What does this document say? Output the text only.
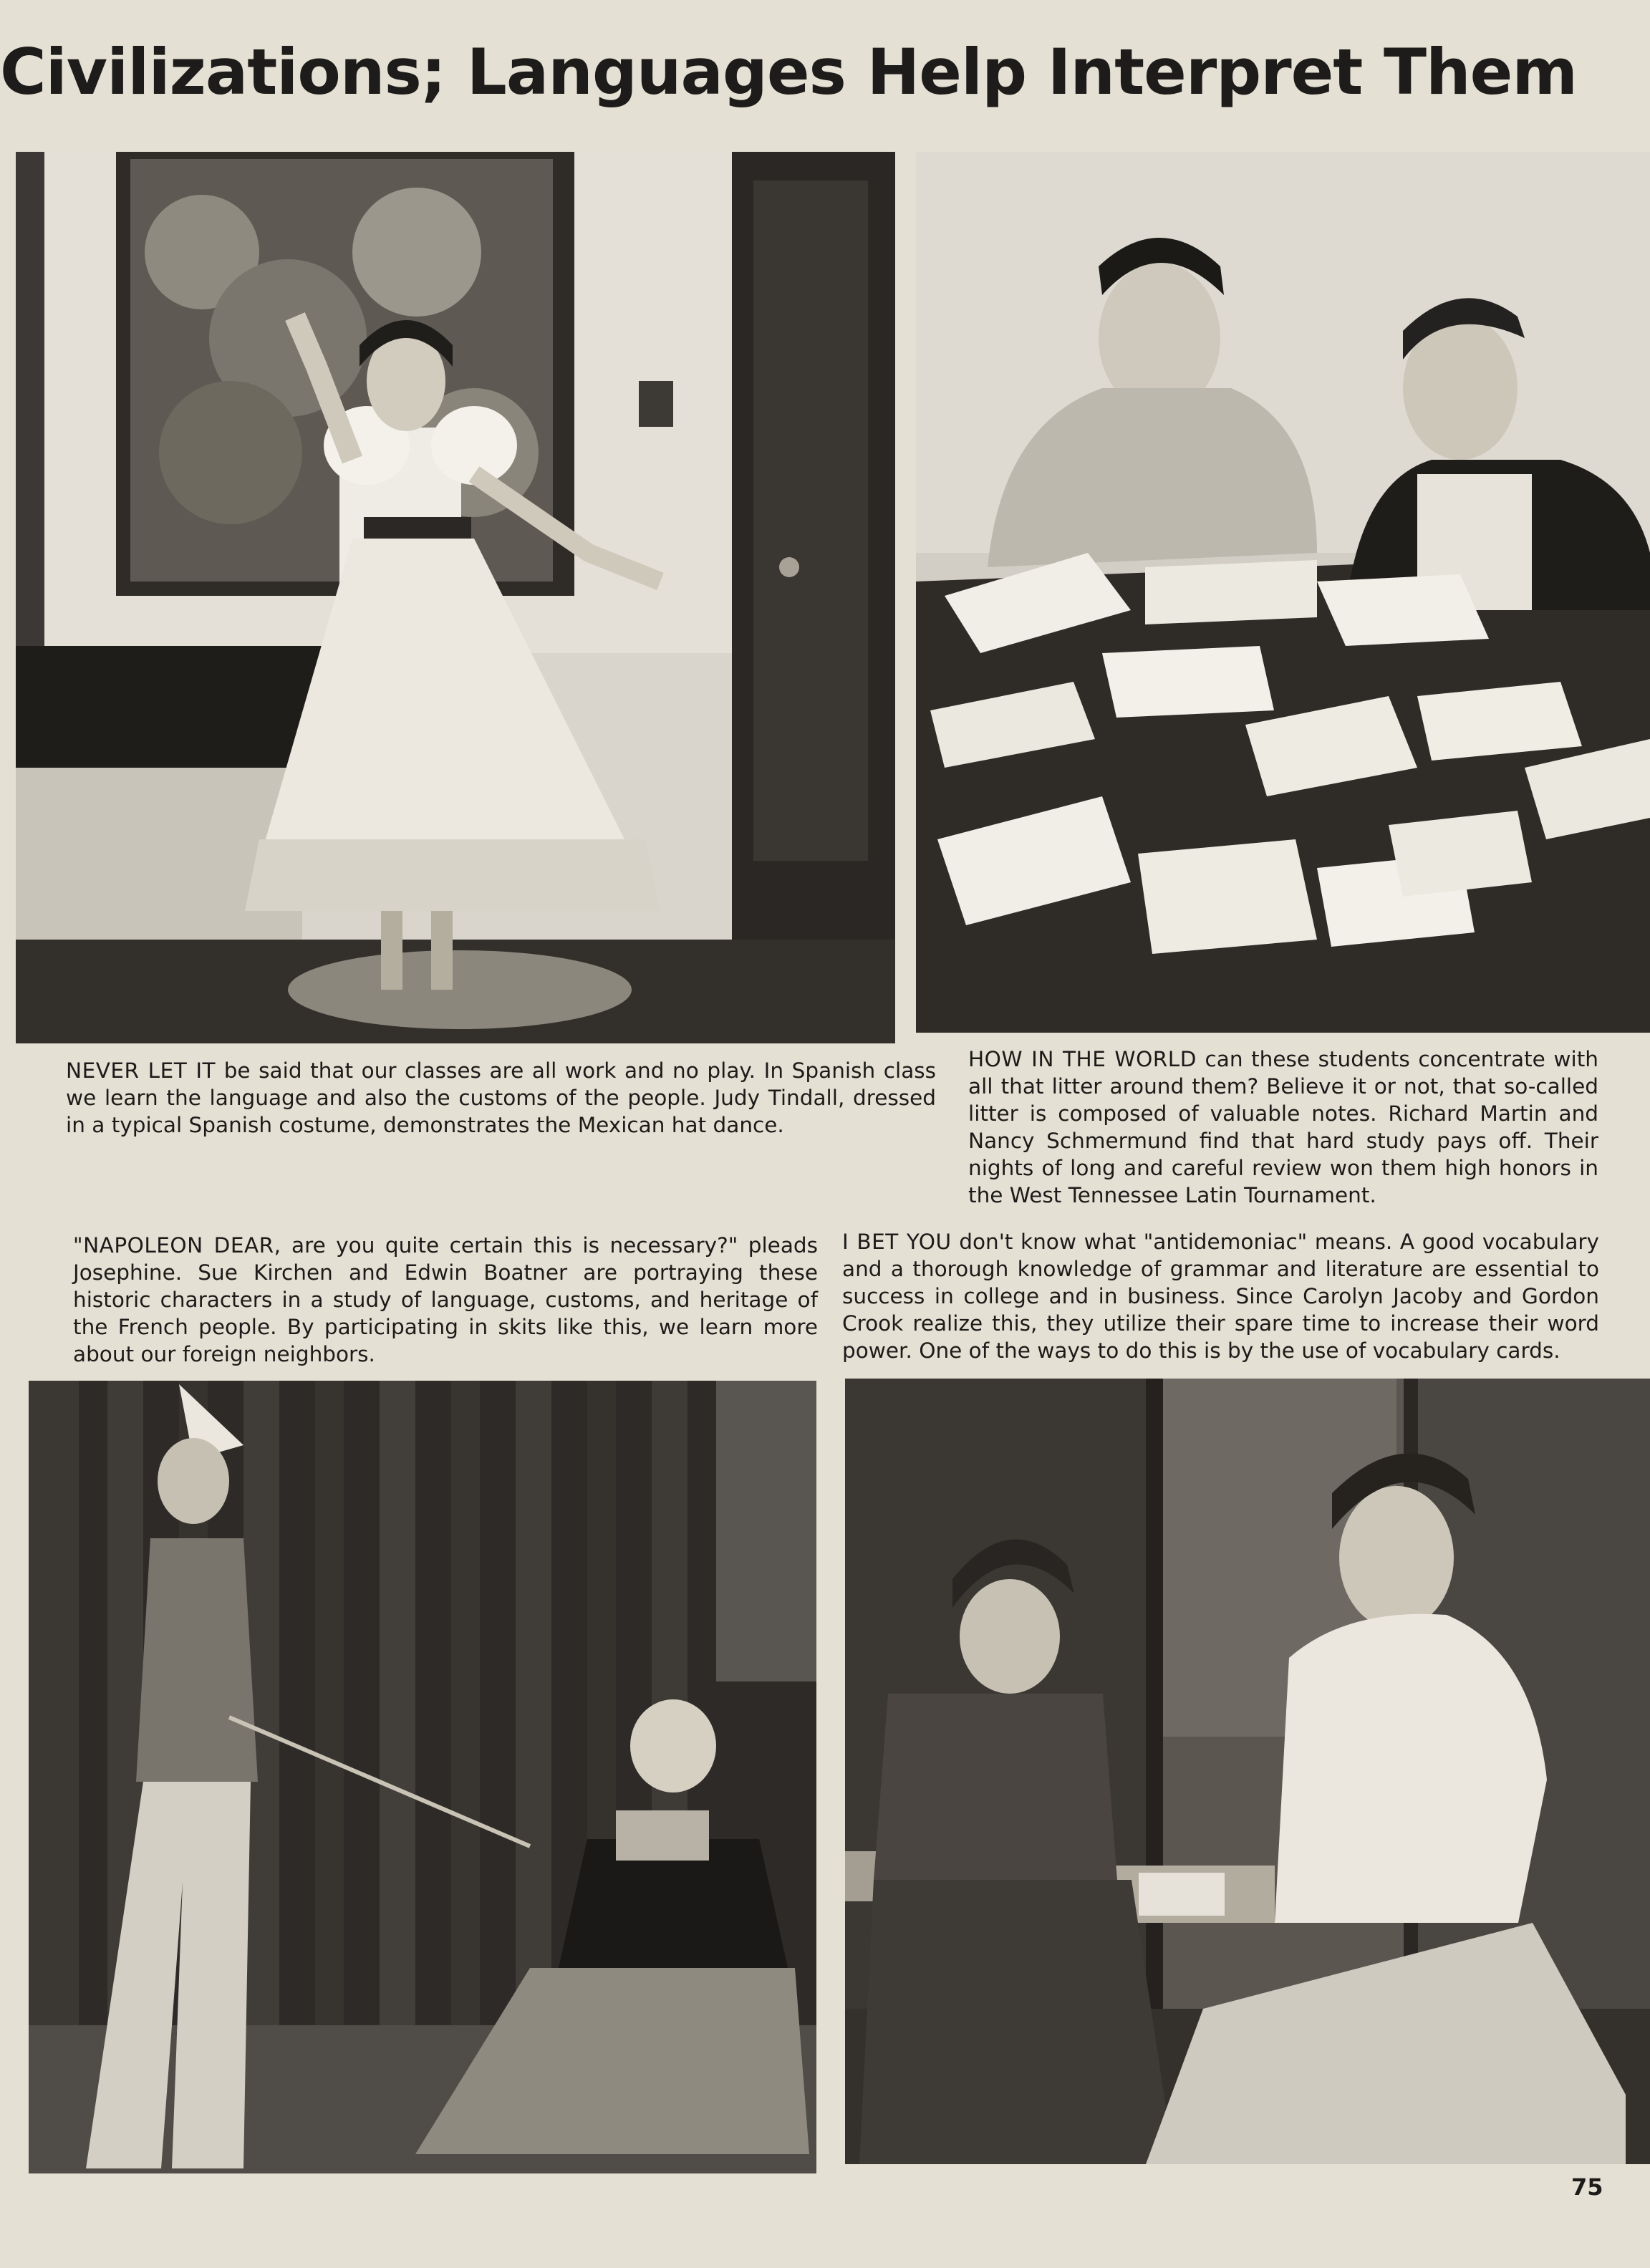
Civilizations; Languages Help Interpret Them

NEVER LET IT be said that our classes are all work and no play. In Spanish class we learn the language and also the customs of the people. Judy Tindall, dressed in a typical Spanish costume, demonstrates the Mexican hat dance.

HOW IN THE WORLD can these students concentrate with all that litter around them? Believe it or not, that so-called litter is composed of valuable notes. Richard Martin and Nancy Schmermund find that hard study pays off. Their nights of long and careful review won them high honors in the West Tennessee Latin Tournament.

"NAPOLEON DEAR, are you quite certain this is necessary?" pleads Josephine. Sue Kirchen and Edwin Boatner are portraying these historic characters in a study of language, customs, and heritage of the French people. By participating in skits like this, we learn more about our foreign neighbors.

I BET YOU don't know what "antidemoniac" means. A good vocabulary and a thorough knowledge of grammar and literature are essential to success in college and in business. Since Carolyn Jacoby and Gordon Crook realize this, they utilize their spare time to increase their word power. One of the ways to do this is by the use of vocabulary cards.

75
